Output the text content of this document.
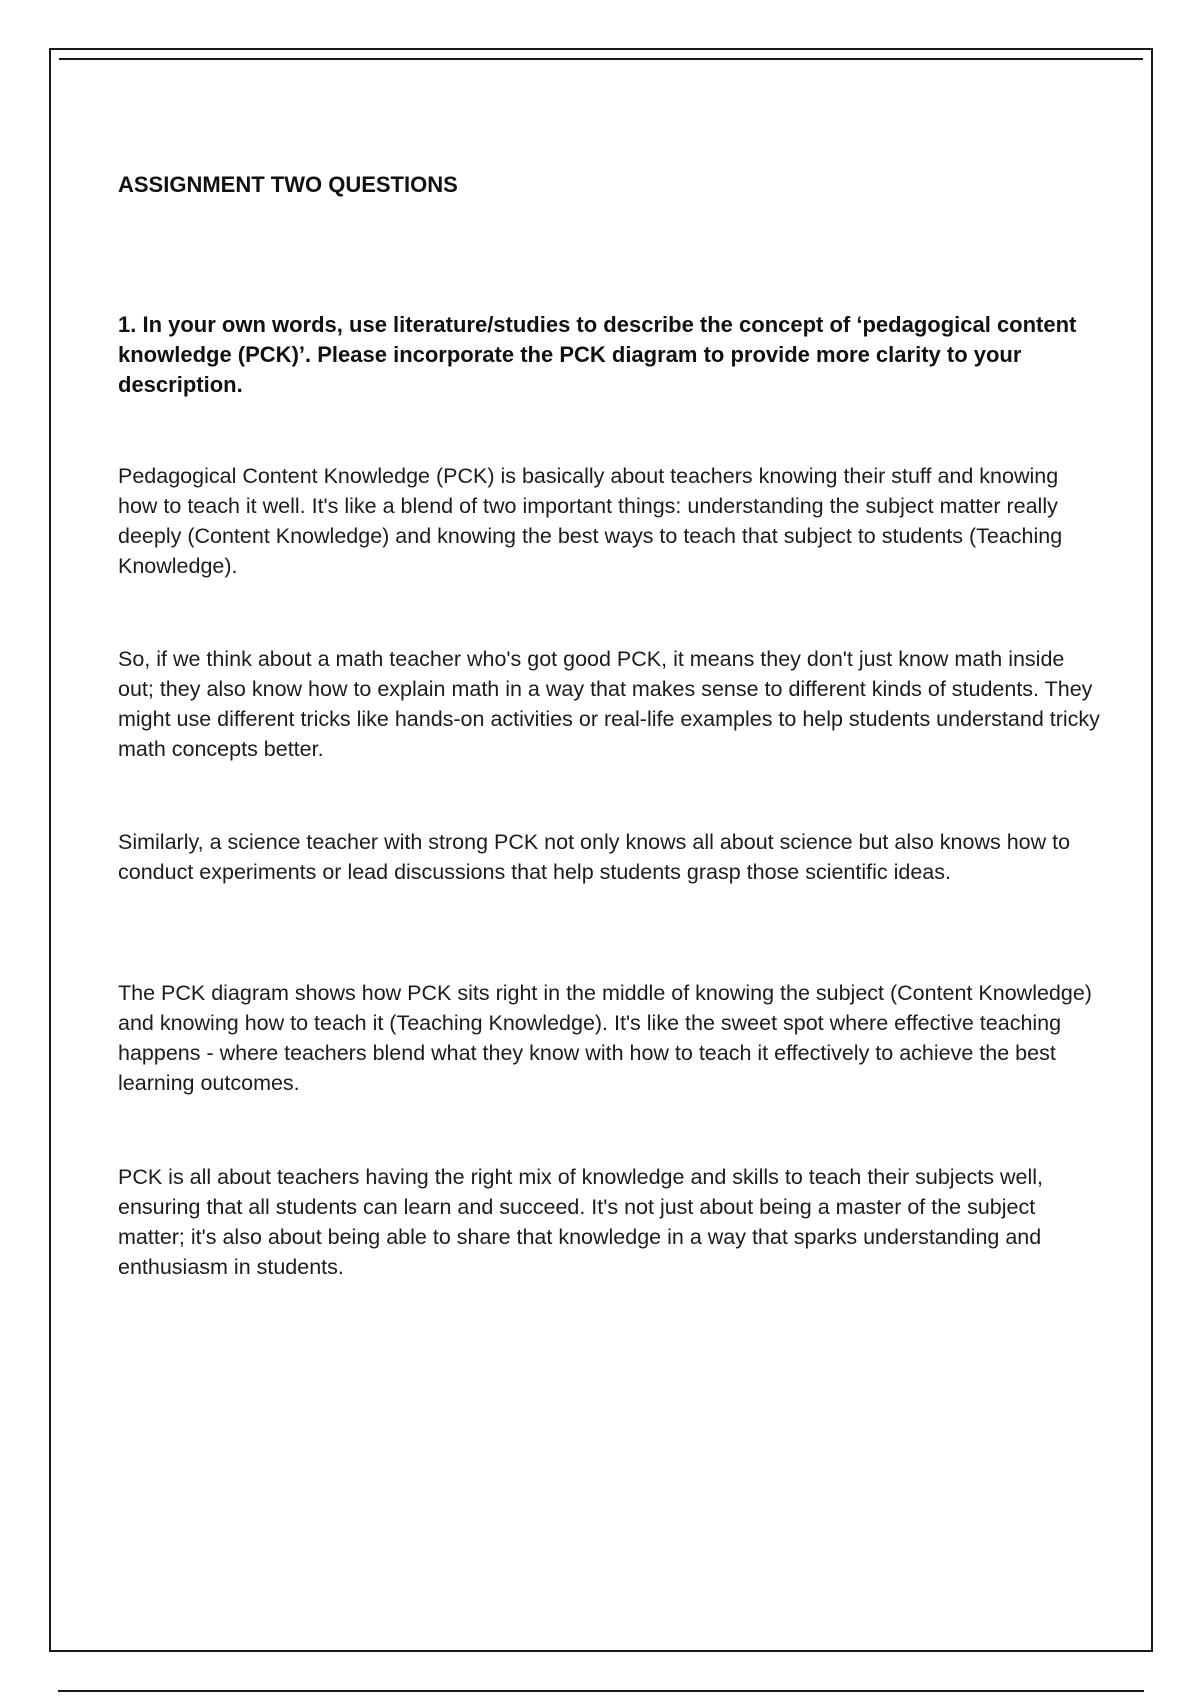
ASSIGNMENT TWO QUESTIONS
1. In your own words, use literature/studies to describe the concept of ‘pedagogical content knowledge (PCK)’. Please incorporate the PCK diagram to provide more clarity to your description.

Pedagogical Content Knowledge (PCK) is basically about teachers knowing their stuff and knowing how to teach it well. It's like a blend of two important things: understanding the subject matter really deeply (Content Knowledge) and knowing the best ways to teach that subject to students (Teaching Knowledge).

So, if we think about a math teacher who's got good PCK, it means they don't just know math inside out; they also know how to explain math in a way that makes sense to different kinds of students. They might use different tricks like hands-on activities or real-life examples to help students understand tricky math concepts better.

Similarly, a science teacher with strong PCK not only knows all about science but also knows how to conduct experiments or lead discussions that help students grasp those scientific ideas.

The PCK diagram shows how PCK sits right in the middle of knowing the subject (Content Knowledge) and knowing how to teach it (Teaching Knowledge). It's like the sweet spot where effective teaching happens - where teachers blend what they know with how to teach it effectively to achieve the best learning outcomes.

PCK is all about teachers having the right mix of knowledge and skills to teach their subjects well, ensuring that all students can learn and succeed. It's not just about being a master of the subject matter; it's also about being able to share that knowledge in a way that sparks understanding and enthusiasm in students.
